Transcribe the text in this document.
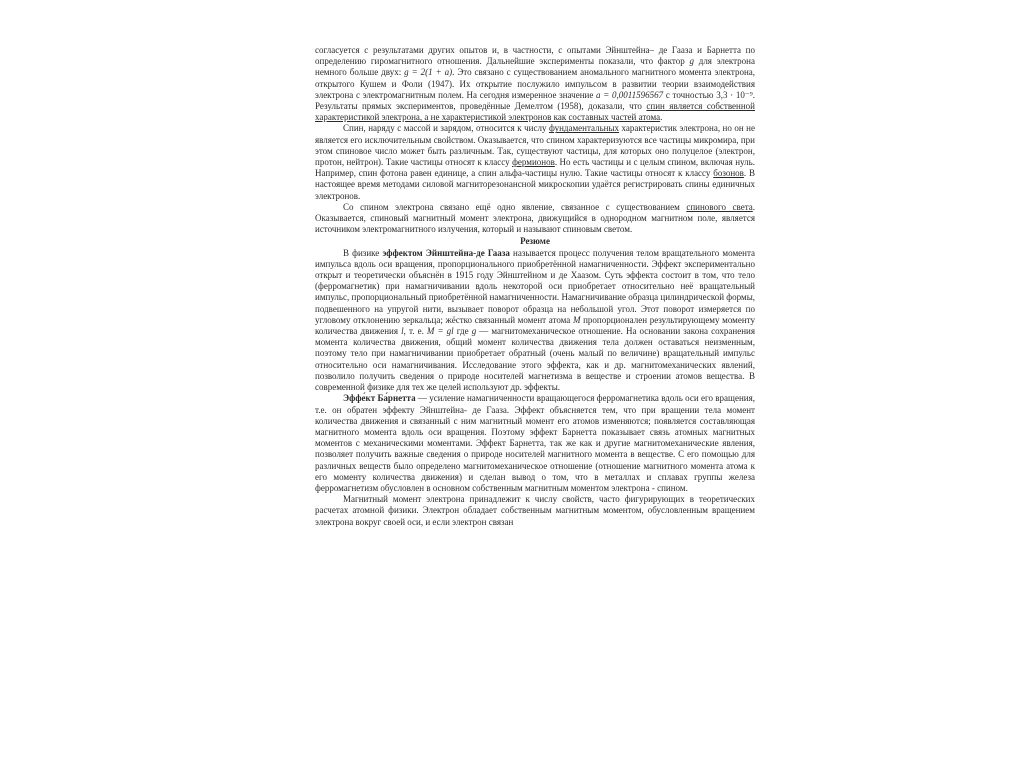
согласуется с результатами других опытов и, в частности, с опытами Эйнштейна– де Гааза и Барнетта по определению гиромагнитного отношения. Дальнейшие эксперименты показали, что фактор g для электрона немного больше двух: g = 2(1 + a). Это связано с существованием аномального магнитного момента электрона, открытого Кушем и Фоли (1947). Их открытие послужило импульсом в развитии теории взаимодействия электрона с электромагнитным полем. На сегодня измеренное значение a = 0,0011596567 с точностью 3,3 · 10⁻⁹. Результаты прямых экспериментов, проведённые Демелтом (1958), доказали, что спин является собственной характеристикой электрона, а не характеристикой электронов как составных частей атома.

Спин, наряду с массой и зарядом, относится к числу фундаментальных характеристик электрона, но он не является его исключительным свойством. Оказывается, что спином характеризуются все частицы микромира, при этом спиновое число может быть различным. Так, существуют частицы, для которых оно полуцелое (электрон, протон, нейтрон). Такие частицы относят к классу фермионов. Но есть частицы и с целым спином, включая нуль. Например, спин фотона равен единице, а спин альфа-частицы нулю. Такие частицы относят к классу бозонов. В настоящее время методами силовой магниторезонансной микроскопии удаётся регистрировать спины единичных электронов.

Со спином электрона связано ещё одно явление, связанное с существованием спинового света. Оказывается, спиновый магнитный момент электрона, движущийся в однородном магнитном поле, является источником электромагнитного излучения, который и называют спиновым светом.

Резюме

В физике эффектом Эйнштейна-де Гааза называется процесс получения телом вращательного момента импульса вдоль оси вращения, пропорционального приобретённой намагниченности. Эффект экспериментально открыт и теоретически объяснён в 1915 году Эйнштейном и де Хаазом. Суть эффекта состоит в том, что тело (ферромагнетик) при намагничивании вдоль некоторой оси приобретает относительно неё вращательный импульс, пропорциональный приобретённой намагниченности. Намагничивание образца цилиндрической формы, подвешенного на упругой нити, вызывает поворот образца на небольшой угол. Этот поворот измеряется по угловому отклонению зеркальца; жёстко связанный момент атома M пропорционален результирующему моменту количества движения l, т. е. M = gl где g — магнитомеханическое отношение. На основании закона сохранения момента количества движения, общий момент количества движения тела должен оставаться неизменным, поэтому тело при намагничивании приобретает обратный (очень малый по величине) вращательный импульс относительно оси намагничивания. Исследование этого эффекта, как и др. магнитомеханических явлений, позволило получить сведения о природе носителей магнетизма в веществе и строении атомов вещества. В современной физике для тех же целей используют др. эффекты.

Эффе́кт Ба́рнетта — усиление намагниченности вращающегося ферромагнетика вдоль оси его вращения, т.е. он обратен эффекту Эйнштейна- де Гааза. Эффект объясняется тем, что при вращении тела момент количества движения и связанный с ним магнитный момент его атомов изменяются; появляется составляющая магнитного момента вдоль оси вращения. Поэтому эффект Барнетта показывает связь атомных магнитных моментов с механическими моментами. Эффект Барнетта, так же как и другие магнитомеханические явления, позволяет получить важные сведения о природе носителей магнитного момента в веществе. С его помощью для различных веществ было определено магнитомеханическое отношение (отношение магнитного момента атома к его моменту количества движения) и сделан вывод о том, что в металлах и сплавах группы железа ферромагнетизм обусловлен в основном собственным магнитным моментом электрона - спином.

Магнитный момент электрона принадлежит к числу свойств, часто фигурирующих в теоретических расчетах атомной физики. Электрон обладает собственным магнитным моментом, обусловленным вращением электрона вокруг своей оси, и если электрон связан
